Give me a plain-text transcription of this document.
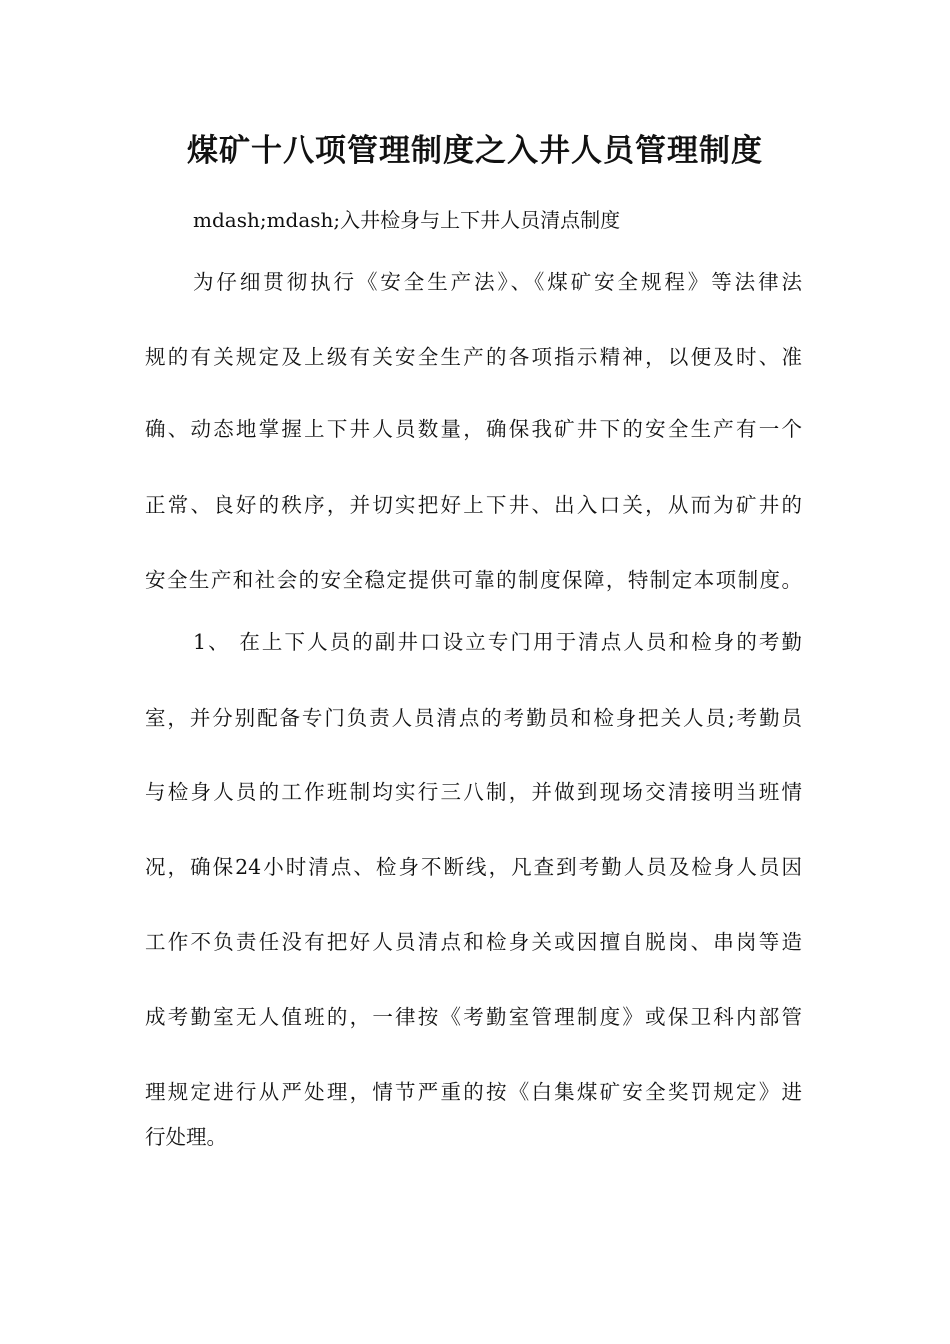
煤矿十八项管理制度之入井人员管理制度
mdash;mdash;入井检身与上下井人员清点制度
为仔细贯彻执行《安全生产法》、《煤矿安全规程》等法律法
规的有关规定及上级有关安全生产的各项指示精神，以便及时、准
确、动态地掌握上下井人员数量，确保我矿井下的安全生产有一个
正常、良好的秩序，并切实把好上下井、出入口关，从而为矿井的
安全生产和社会的安全稳定提供可靠的制度保障，特制定本项制度。
1、 在上下人员的副井口设立专门用于清点人员和检身的考勤
室，并分别配备专门负责人员清点的考勤员和检身把关人员;考勤员
与检身人员的工作班制均实行三八制，并做到现场交清接明当班情
况，确保24小时清点、检身不断线，凡查到考勤人员及检身人员因
工作不负责任没有把好人员清点和检身关或因擅自脱岗、串岗等造
成考勤室无人值班的，一律按《考勤室管理制度》或保卫科内部管
理规定进行从严处理，情节严重的按《白集煤矿安全奖罚规定》进
行处理。
